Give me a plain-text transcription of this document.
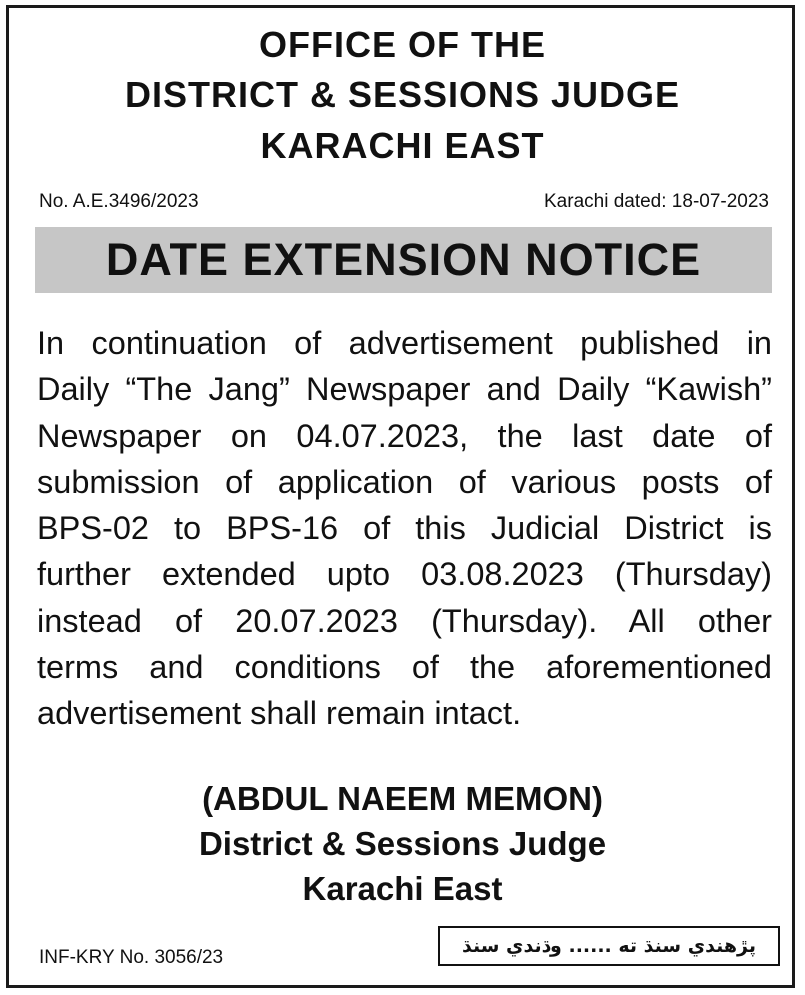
OFFICE OF THE
DISTRICT & SESSIONS JUDGE
KARACHI EAST
No. A.E.3496/2023	Karachi dated: 18-07-2023
DATE EXTENSION NOTICE
In continuation of advertisement published in
Daily “The Jang” Newspaper and Daily “Kawish”
Newspaper on 04.07.2023, the last date of
submission of application of various posts of
BPS-02 to BPS-16 of this Judicial District is
further extended upto 03.08.2023 (Thursday)
instead of 20.07.2023 (Thursday). All other
terms and conditions of the aforementioned
advertisement shall remain intact.
(ABDUL NAEEM MEMON)
District & Sessions Judge
Karachi East
INF-KRY No. 3056/23
پڙهندي سنڌ ته ...... وڌندي سنڌ
